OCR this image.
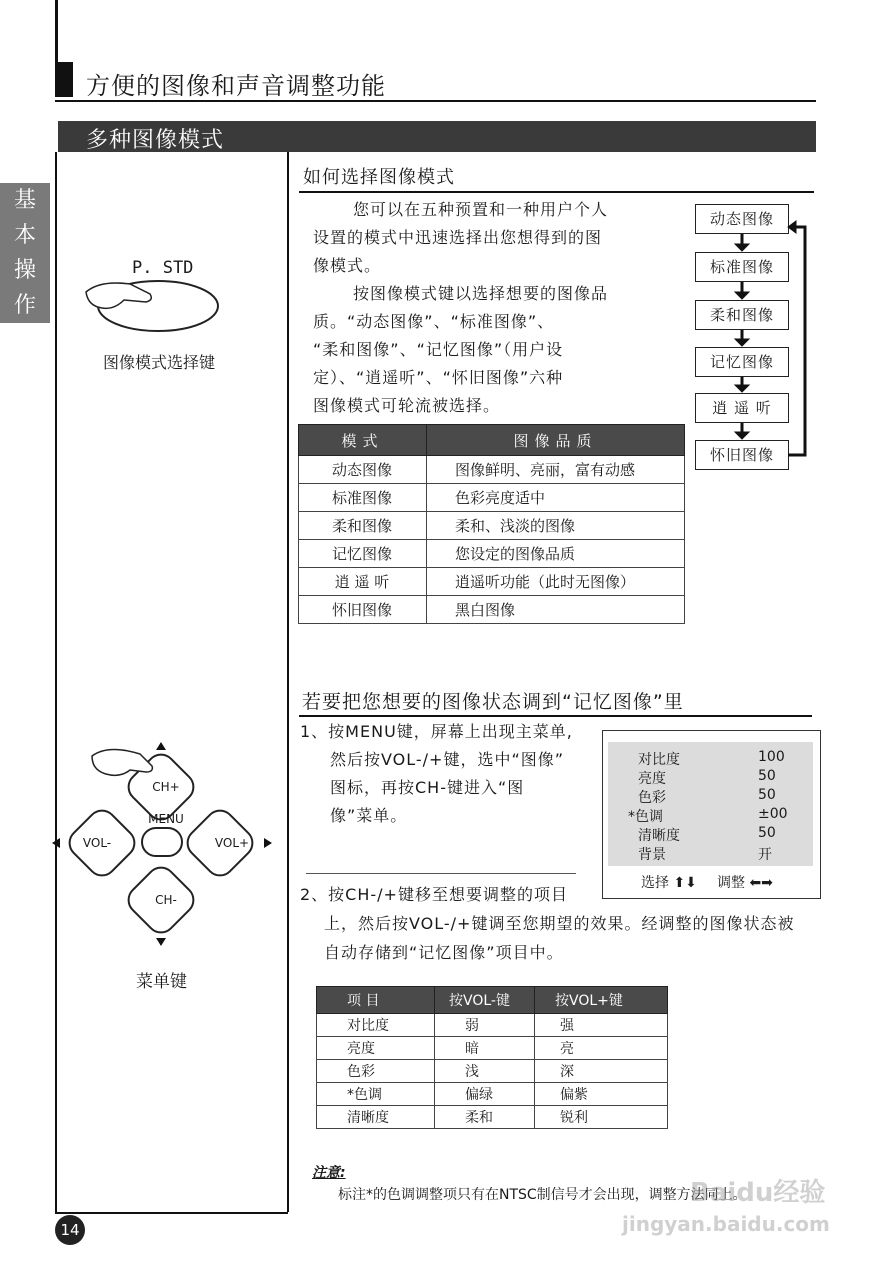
方便的图像和声音调整功能
多种图像模式
基
本
操
作
P. STD
图像模式选择键
CH+
MENU
VOL-	VOL+
CH-
菜单键
如何选择图像模式
您可以在五种预置和一种用户个人
设置的模式中迅速选择出您想得到的图
像模式。
按图像模式键以选择想要的图像品
质。“动态图像”、“标准图像”、
“柔和图像”、“记忆图像”（用户设
定）、“逍遥听”、“怀旧图像”六种
图像模式可轮流被选择。
动态图像
标准图像
柔和图像
记忆图像
逍 遥 听
怀旧图像
模式	图像品质
动态图像	图像鲜明、亮丽，富有动感
标准图像	色彩亮度适中
柔和图像	柔和、浅淡的图像
记忆图像	您设定的图像品质
逍 遥 听	逍遥听功能（此时无图像）
怀旧图像	黑白图像
若要把您想要的图像状态调到“记忆图像”里
1、按MENU键，屏幕上出现主菜单,
然后按VOL-/+键，选中“图像”
图标，再按CH-键进入“图
像”菜单。
2、按CH-/+键移至想要调整的项目
上，然后按VOL-/+键调至您期望的效果。经调整的图像状态被
自动存储到“记忆图像”项目中。
对比度	100
亮度	50
色彩	50
*色调	±00
清晰度	50
背景	开
选择 ⬆⬇ 调整 ⬅➡
项 目	按VOL-键	按VOL+键
对比度	弱	强
亮度	暗	亮
色彩	浅	深
*色调	偏绿	偏紫
清晰度	柔和	锐利
注意:
标注*的色调调整项只有在NTSC制信号才会出现，调整方法同上。
14
Baidu经验
jingyan.baidu.com
